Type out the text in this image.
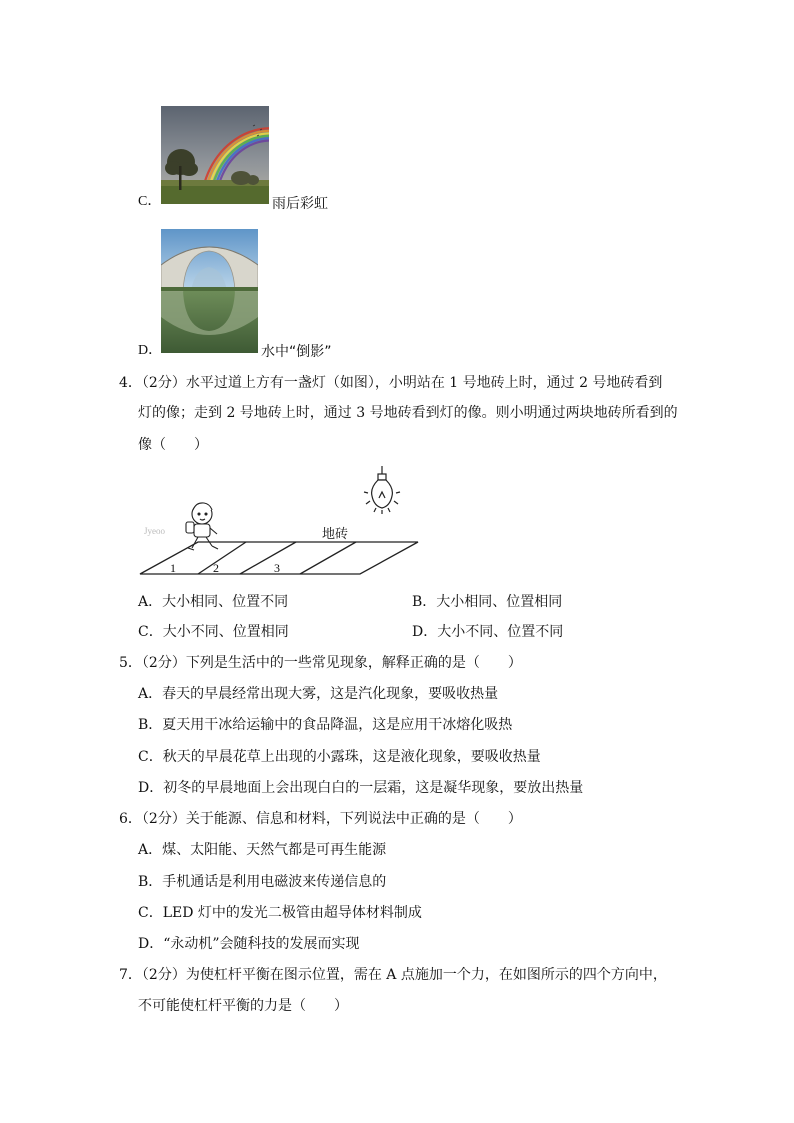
C．	雨后彩虹
D．	水中“倒影”
4．（2分）水平过道上方有一盏灯（如图），小明站在 1 号地砖上时，通过 2 号地砖看到
灯的像；走到 2 号地砖上时，通过 3 号地砖看到灯的像。则小明通过两块地砖所看到的
像（　　）
Jyeoo	地砖
1	2	3
A．大小相同、位置不同	B．大小相同、位置相同
C．大小不同、位置相同	D．大小不同、位置不同
5．（2分）下列是生活中的一些常见现象，解释正确的是（　　）
A．春天的早晨经常出现大雾，这是汽化现象，要吸收热量
B．夏天用干冰给运输中的食品降温，这是应用干冰熔化吸热
C．秋天的早晨花草上出现的小露珠，这是液化现象，要吸收热量
D．初冬的早晨地面上会出现白白的一层霜，这是凝华现象，要放出热量
6．（2分）关于能源、信息和材料，下列说法中正确的是（　　）
A．煤、太阳能、天然气都是可再生能源
B．手机通话是利用电磁波来传递信息的
C．LED 灯中的发光二极管由超导体材料制成
D．“永动机”会随科技的发展而实现
7．（2分）为使杠杆平衡在图示位置，需在 A 点施加一个力，在如图所示的四个方向中，
不可能使杠杆平衡的力是（　　）
